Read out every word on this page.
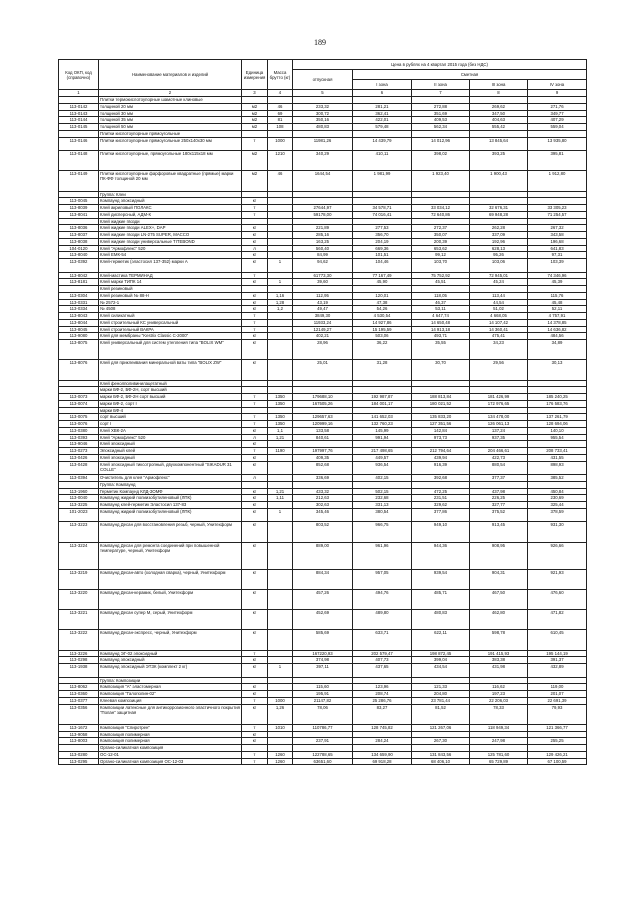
189
Код ОКП, код (справочно)	Наименование материалов и изделий	Единица измерения	Масса брутто (кг)	Цена в рублях на 4 квартал 2015 года (без НДС)				
				отпускная	Сметная			
					I зона	II зона	III зона	IV зона
1	2	3	4	5	6	7	8	9
	Плитки термокислотоупорные шамотные клиновые							
113-0142	толщиной 20 мм	м2	46	233,32	281,21	272,88	269,62	271,76
113-0143	толщиной 30 мм	м2	69	300,72	362,41	351,69	347,50	349,77
113-0144	толщиной 35 мм	м2	81	350,16	422,01	409,53	404,63	407,29
113-0145	толщиной 50 мм	м2	108	480,83	579,48	562,34	555,42	559,04
	Плитки кислотоупорные прямоугольные							
113-0146	Плитки кислотоупорные прямоугольные 250х140х30 мм	т	1000	11981,26	14 439,79	14 012,96	13 845,64	13 935,80
113-0148	Плитки кислотоупорные, прямоугольные 180х115х18 мм	м2	1210	340,29	410,11	398,02	393,25	395,81
113-0149	Плитки кислотоупорные фарфоровые квадратные (прямые) марки ПК-ФФ толщиной 20 мм	м2	46	1644,54	1 981,99	1 923,40	1 900,43	1 912,80
	Группа: Клеи							
113-0045	Компаунд эпоксидный	кг						
113-8039	Клей акриловый ПОЛАКС	т		27644,97	34 578,71	33 034,12	32 676,31	33 305,23
113-8041	Клей дисперсный, АДМ-К	т		59178,00	74 016,41	72 640,86	69 948,28	71 254,57
	Клей жидкие гвозди							
113-8036	Клей жидкие гвозди ALEX+, DAP	кг		221,89	277,53	272,37	262,28	267,32
113-8037	Клей жидкие гвозди LN-275 SUPER, MACCO	кг		285,16	356,70	350,07	337,09	343,58
113-8038	Клей жидкие гвозди универсальные TITEBOND	кг		163,25	204,19	200,39	192,96	196,68
104-0120	Клей "Армофлекс" 520	л		560,40	669,36	653,62	628,13	641,83
113-8040	Клей ЕМК-54	кг		84,99	101,51	99,12	95,26	97,31
113-0392	Клей-герметик (эластосил 137-352) марки А	кг	1	94,62	104,46	103,70	103,06	103,39
113-8042	Клей-мастика ТЕРМИНАД	т		61773,30	77 167,49	75 752,92	72 945,01	74 346,96
113-8181	Клей марки ТИПК 14	кг	1	39,60	45,90	45,51	45,24	45,39
	Клей резиновый							
113-0304	Клей резиновый № 88-Н	кг	1,16	112,95	120,01	118,05	113,44	115,76
113-0331	№ 2572-1	кг	1,28	43,19	47,38	46,37	44,54	45,48
113-0334	№ 4508	кг	1,2	49,47	54,26	53,11	51,02	52,11
113-8043	Клей силикатный	т		3849,30	4 530,54	4 647,74	4 668,05	4 757,91
113-8044	Клей строительный КС универсальный	т		11933,24	14 927,86	14 650,48	14 107,42	14 378,85
113-8045	Клей строительный ВАКРА	т		12149,27	15 195,59	14 913,18	14 360,41	14 636,82
113-9080	Клей для мембраны "Kestrix Classic C-2000"	кг		402,21	503,06	493,71	475,41	484,56
113-8075	Клей универсальный для систем утепления типа "BOLIX WM"	кг		28,96	36,22	35,55	34,23	34,89
113-8076	Клей для приклеивания минеральной ваты типа "BOLIX ZW"	кг		25,01	31,28	30,70	29,56	30,13
	Клей фенолполивинилацетатный							
	марки БФ-2, БФ-2Н, сорт высший							
113-0073	марки БФ-2, БФ-2Н сорт высший	т	1350	179688,10	192 987,87	188 813,84	181 426,99	185 240,25
113-0074	марки БФ-2, сорт I	т	1350	167505,26	184 001,17	180 021,52	172 976,65	176 583,76
	марки БФ-4							
113-0075	сорт высший	т	1350	129657,63	141 652,03	135 833,20	134 478,00	137 261,79
113-0076	сорт I	т	1350	120999,16	132 760,23	127 351,56	126 061,13	128 694,06
113-0380	Клей ХВК-2А	кг	1,1	133,58	145,99	142,84	137,24	140,10
113-0393	Клей "Армофлекс" 520	л	1,21	840,61	991,94	973,73	937,35	955,54
113-9046	Клей эпоксидный	кг						
113-0273	Эпоксидный клей	т	1190	197997,76	217 498,65	212 794,64	204 466,61	208 733,41
113-0426	Клей эпоксидный	кг		409,35	449,57	439,94	422,73	431,55
113-0428	Клей эпоксидный тиксотропный, двухкомпонентный "SIKADUR 31 COLLE"	кг		852,68	936,54	916,39	880,54	898,93
113-0394	Очиститель для клея "Армофлекс"	л		336,69	402,15	392,68	377,37	385,52
	Группа: Компаунд							
113-1960	Герметик Компаунд КЛД-ЗОМФ	кг	1,21	433,32	502,15	472,25	437,98	450,84
113-0040	Компаунд жидкий полиизобутиленовый (ЛПК)	кг	1,11	212,63	232,68	231,51	226,25	230,69
113-3225	Компаунд клей-герметик Эластосил 137-83	кг		302,63	331,13	329,62	327,77	325,44
101-2023	Компаунд жидкий полиизобутиленовый (ЛПК)	кг	1	345,46	380,54	377,86	375,52	378,59
113-3223	Компаунд Десан для восстановления резьб, черный, Унитехформ	кг		803,52	966,75	949,10	913,45	931,30
113-3224	Компаунд Десан для ремонта соединений при повышенной температуре, черный, Унитехформ	кг		889,00	961,96	944,36	908,95	926,66
113-3219	Компаунд Десан-авто (холодная сварка), черный, Унитехформ	кг		884,34	957,05	939,54	904,31	921,93
113-3220	Компаунд Десан-керамик, белый, Унитехформ	кг		457,26	494,76	485,71	467,50	476,60
113-3221	Компаунд Десан супер М, серый, Унитехформ	кг		452,69	489,80	480,83	462,80	471,82
113-3222	Компаунд Десан-экспресс, черный, Унитехформ	кг		585,69	633,71	622,11	598,78	610,45
113-3226	Компаунд ЭГ-02 эпоксидный	т		167220,93	202 579,47	198 872,45	191 415,93	195 144,19
113-0298	Компаунд эпоксидный	кг		374,98	407,73	399,04	383,38	391,37
113-1938	Компаунд эпоксидный ЭТЗК (комплект 2 кг)	кг	1	397,11	437,65	434,54	431,98	432,89
	Группа: Композиции							
113-8062	Композиция "А" эластомерная	кг		115,60	123,96	121,33	116,62	119,00
113-0360	Композиция "Галополин-02"	кг		195,91	208,74	204,80	197,23	201,07
113-0377	Клеевая композиция	т	1000	21147,82	25 286,76	23 781,44	22 206,03	22 691,39
113-0356	Композиции латексные для антикоррозионного эластичного покрытия "Полан" защитная	кг	1,26	78,06	83,27	81,52	78,33	79,93
113-1672	Композиция "Спиротрен"	т	1010	110786,77	128 745,82	121 267,06	118 949,34	121 366,77
113-9058	Композиция полимерная	кг						
113-8003	Композиция полимерная	кг		237,91	284,24	267,30	247,98	255,25
	Органо-силикатная композиция							
113-0280	ОС-12-01	т	1260	122788,65	134 659,90	131 843,56	125 781,60	129 426,21
113-0295	Органо-силикатная композиция ОС-12-03	т	1260	63651,60	69 918,28	68 406,10	65 729,89	67 100,59
